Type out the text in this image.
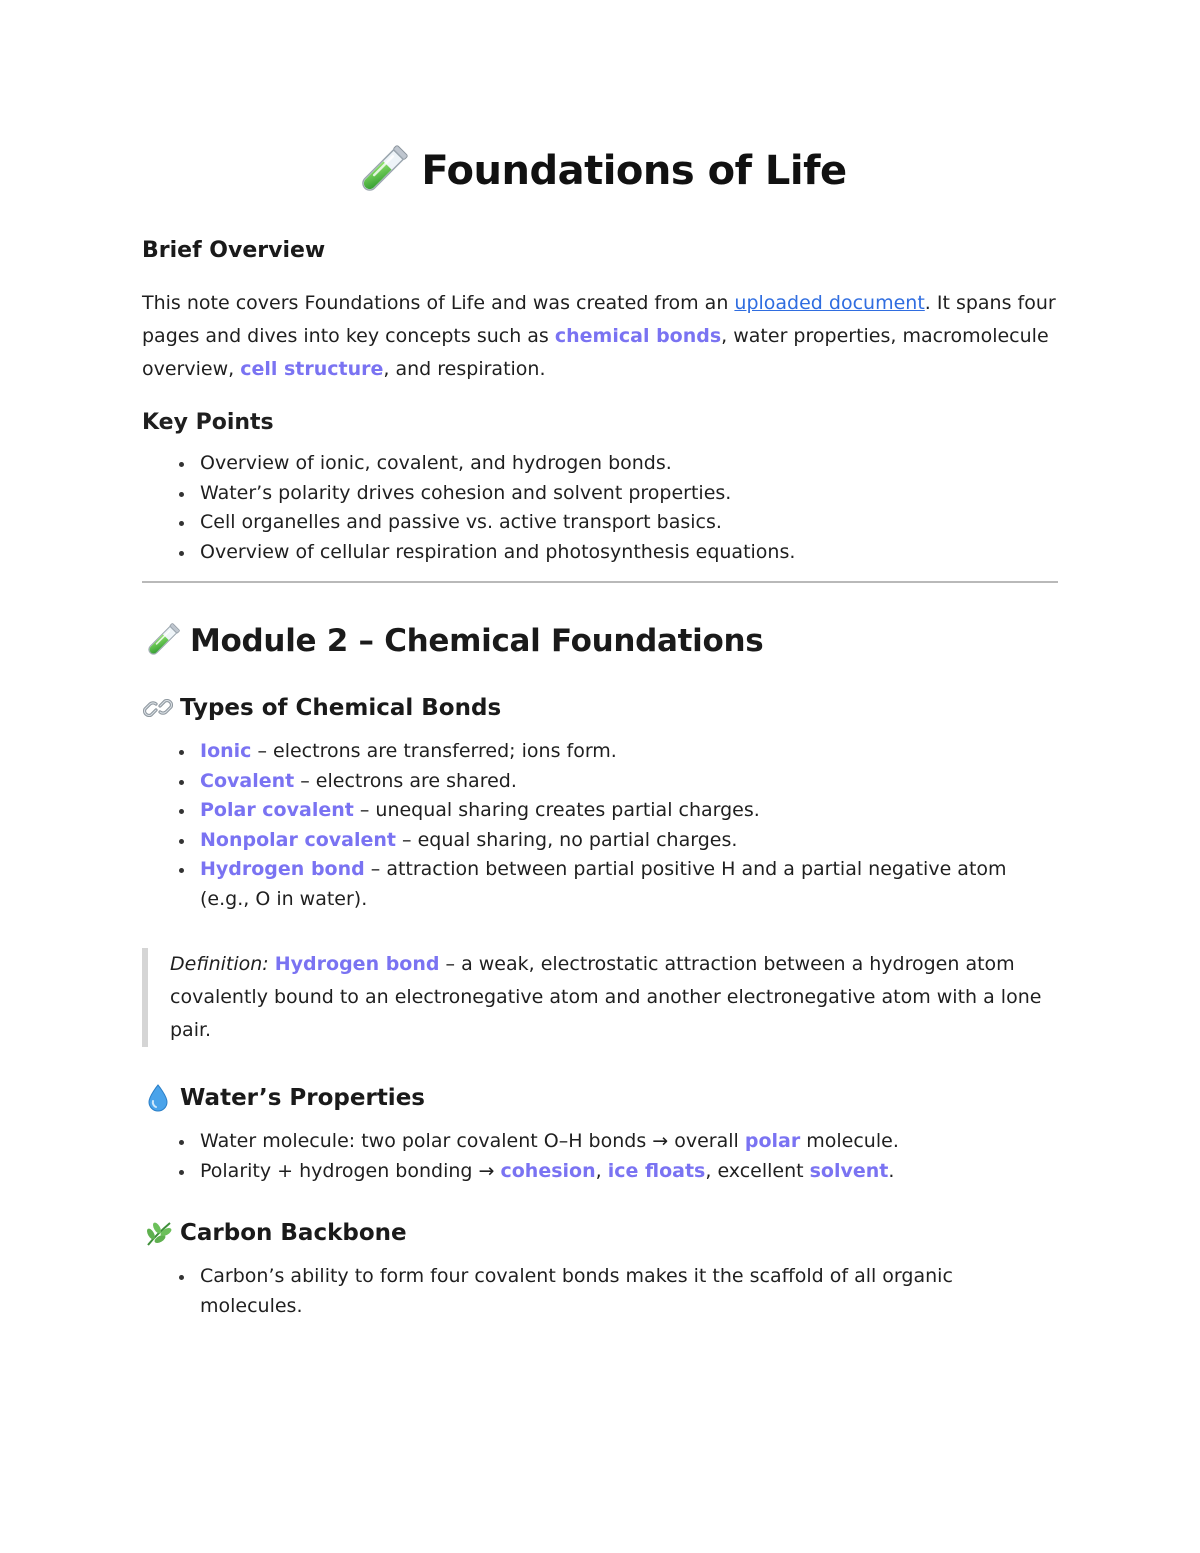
Foundations of Life
Brief Overview

This note covers Foundations of Life and was created from an uploaded document. It spans four pages and dives into key concepts such as chemical bonds, water properties, macromolecule overview, cell structure, and respiration.

Key Points
Overview of ionic, covalent, and hydrogen bonds.
Water’s polarity drives cohesion and solvent properties.
Cell organelles and passive vs. active transport basics.
Overview of cellular respiration and photosynthesis equations.
Module 2 – Chemical Foundations
Types of Chemical Bonds
Ionic – electrons are transferred; ions form.
Covalent – electrons are shared.
Polar covalent – unequal sharing creates partial charges.
Nonpolar covalent – equal sharing, no partial charges.
Hydrogen bond – attraction between partial positive H and a partial negative atom (e.g., O in water).
Definition: Hydrogen bond – a weak, electrostatic attraction between a hydrogen atom covalently bound to an electronegative atom and another electronegative atom with a lone pair.
Water’s Properties
Water molecule: two polar covalent O–H bonds → overall polar molecule.
Polarity + hydrogen bonding → cohesion, ice floats, excellent solvent.
Carbon Backbone
Carbon’s ability to form four covalent bonds makes it the scaffold of all organic molecules.
